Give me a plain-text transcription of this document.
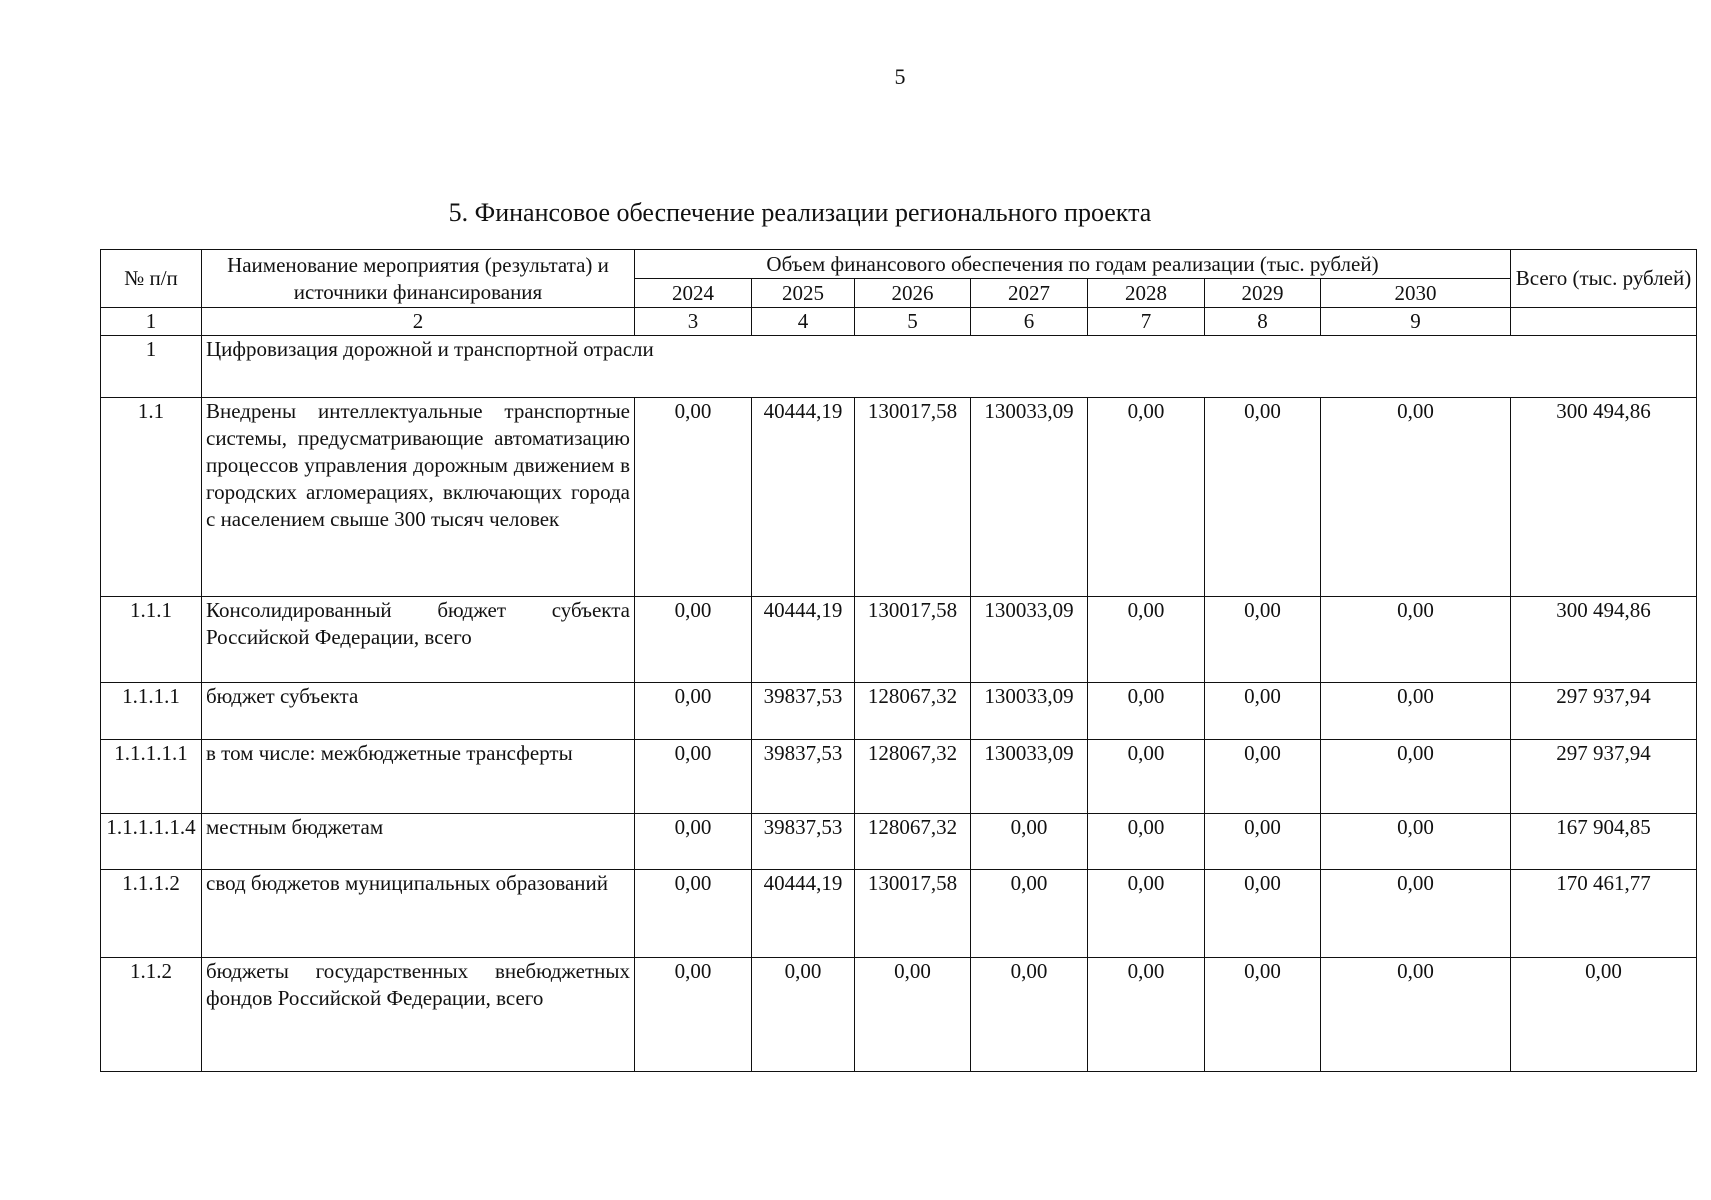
5
5. Финансовое обеспечение реализации регионального проекта
№ п/п	Наименование мероприятия (результата) и источники финансирования	Объем финансового обеспечения по годам реализации (тыс. рублей)							Всего (тыс. рублей)
		2024	2025	2026	2027	2028	2029	2030	
1	2	3	4	5	6	7	8	9	
1	Цифровизация дорожной и транспортной отрасли								
1.1	Внедрены интеллектуальные транспортные системы, предусматривающие автоматизацию процессов управления дорожным движением в городских агломерациях, включающих города с населением свыше 300 тысяч человек	0,00	40444,19	130017,58	130033,09	0,00	0,00	0,00	300 494,86
1.1.1	Консолидированный бюджет субъекта Российской Федерации, всего	0,00	40444,19	130017,58	130033,09	0,00	0,00	0,00	300 494,86
1.1.1.1	бюджет субъекта	0,00	39837,53	128067,32	130033,09	0,00	0,00	0,00	297 937,94
1.1.1.1.1	в том числе: межбюджетные трансферты	0,00	39837,53	128067,32	130033,09	0,00	0,00	0,00	297 937,94
1.1.1.1.1.4	местным бюджетам	0,00	39837,53	128067,32	0,00	0,00	0,00	0,00	167 904,85
1.1.1.2	свод бюджетов муниципальных образований	0,00	40444,19	130017,58	0,00	0,00	0,00	0,00	170 461,77
1.1.2	бюджеты государственных внебюджетных фондов Российской Федерации, всего	0,00	0,00	0,00	0,00	0,00	0,00	0,00	0,00
